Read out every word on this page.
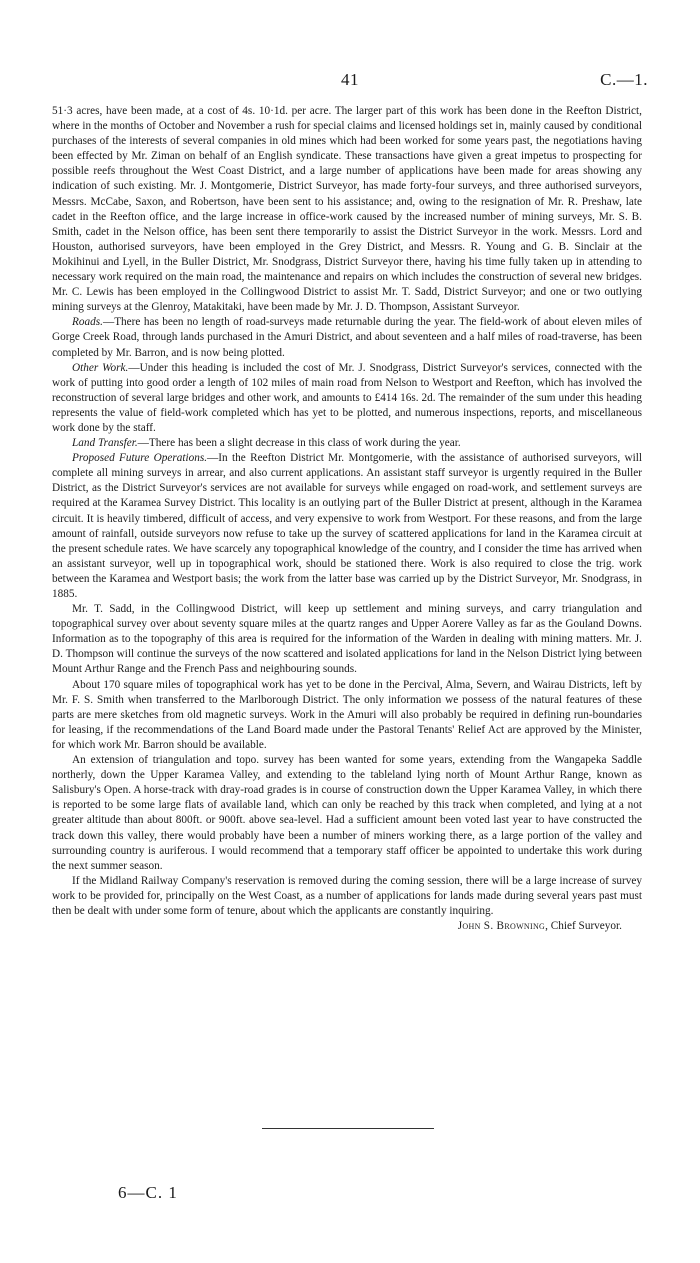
41	C.—1.

51·3 acres, have been made, at a cost of 4s. 10·1d. per acre. The larger part of this work has been done in the Reefton District, where in the months of October and November a rush for special claims and licensed holdings set in, mainly caused by conditional purchases of the interests of several companies in old mines which had been worked for some years past, the negotiations having been effected by Mr. Ziman on behalf of an English syndicate. These transactions have given a great impetus to prospecting for possible reefs throughout the West Coast District, and a large number of applications have been made for areas showing any indication of such existing. Mr. J. Montgomerie, District Surveyor, has made forty-four surveys, and three authorised surveyors, Messrs. McCabe, Saxon, and Robertson, have been sent to his assistance; and, owing to the resignation of Mr. R. Preshaw, late cadet in the Reefton office, and the large increase in office-work caused by the increased number of mining surveys, Mr. S. B. Smith, cadet in the Nelson office, has been sent there temporarily to assist the District Surveyor in the work. Messrs. Lord and Houston, authorised surveyors, have been employed in the Grey District, and Messrs. R. Young and G. B. Sinclair at the Mokihinui and Lyell, in the Buller District, Mr. Snodgrass, District Surveyor there, having his time fully taken up in attending to necessary work required on the main road, the maintenance and repairs on which includes the construction of several new bridges. Mr. C. Lewis has been employed in the Collingwood District to assist Mr. T. Sadd, District Surveyor; and one or two outlying mining surveys at the Glenroy, Matakitaki, have been made by Mr. J. D. Thompson, Assistant Surveyor.

Roads.—There has been no length of road-surveys made returnable during the year. The field-work of about eleven miles of Gorge Creek Road, through lands purchased in the Amuri District, and about seventeen and a half miles of road-traverse, has been completed by Mr. Barron, and is now being plotted.

Other Work.—Under this heading is included the cost of Mr. J. Snodgrass, District Surveyor's services, connected with the work of putting into good order a length of 102 miles of main road from Nelson to Westport and Reefton, which has involved the reconstruction of several large bridges and other work, and amounts to £414 16s. 2d. The remainder of the sum under this heading represents the value of field-work completed which has yet to be plotted, and numerous inspections, reports, and miscellaneous work done by the staff.

Land Transfer.—There has been a slight decrease in this class of work during the year.

Proposed Future Operations.—In the Reefton District Mr. Montgomerie, with the assistance of authorised surveyors, will complete all mining surveys in arrear, and also current applications. An assistant staff surveyor is urgently required in the Buller District, as the District Surveyor's services are not available for surveys while engaged on road-work, and settlement surveys are required at the Karamea Survey District. This locality is an outlying part of the Buller District at present, although in the Karamea circuit. It is heavily timbered, difficult of access, and very expensive to work from Westport. For these reasons, and from the large amount of rainfall, outside surveyors now refuse to take up the survey of scattered applications for land in the Karamea circuit at the present schedule rates. We have scarcely any topographical knowledge of the country, and I consider the time has arrived when an assistant surveyor, well up in topographical work, should be stationed there. Work is also required to close the trig. work between the Karamea and Westport basis; the work from the latter base was carried up by the District Surveyor, Mr. Snodgrass, in 1885.

Mr. T. Sadd, in the Collingwood District, will keep up settlement and mining surveys, and carry triangulation and topographical survey over about seventy square miles at the quartz ranges and Upper Aorere Valley as far as the Gouland Downs. Information as to the topography of this area is required for the information of the Warden in dealing with mining matters. Mr. J. D. Thompson will continue the surveys of the now scattered and isolated applications for land in the Nelson District lying between Mount Arthur Range and the French Pass and neighbouring sounds.

About 170 square miles of topographical work has yet to be done in the Percival, Alma, Severn, and Wairau Districts, left by Mr. F. S. Smith when transferred to the Marlborough District. The only information we possess of the natural features of these parts are mere sketches from old magnetic surveys. Work in the Amuri will also probably be required in defining run-boundaries for leasing, if the recommendations of the Land Board made under the Pastoral Tenants' Relief Act are approved by the Minister, for which work Mr. Barron should be available.

An extension of triangulation and topo. survey has been wanted for some years, extending from the Wangapeka Saddle northerly, down the Upper Karamea Valley, and extending to the tableland lying north of Mount Arthur Range, known as Salisbury's Open. A horse-track with dray-road grades is in course of construction down the Upper Karamea Valley, in which there is reported to be some large flats of available land, which can only be reached by this track when completed, and lying at a not greater altitude than about 800ft. or 900ft. above sea-level. Had a sufficient amount been voted last year to have constructed the track down this valley, there would probably have been a number of miners working there, as a large portion of the valley and surrounding country is auriferous. I would recommend that a temporary staff officer be appointed to undertake this work during the next summer season.

If the Midland Railway Company's reservation is removed during the coming session, there will be a large increase of survey work to be provided for, principally on the West Coast, as a number of applications for lands made during several years past must then be dealt with under some form of tenure, about which the applicants are constantly inquiring.

John S. Browning, Chief Surveyor.

6—C. 1
